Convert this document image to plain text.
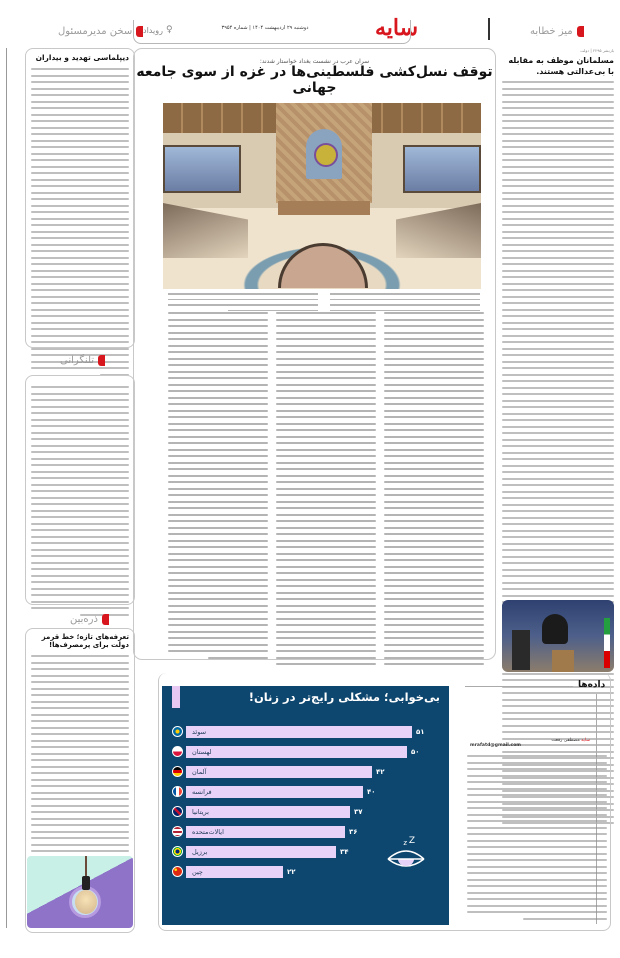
میز خطابه
سایه
دوشنبه ۲۹ اردیبهشت ۱۴۰۴ | شماره ۳۹۵۴
♀
رویداد
سخن مدیرمسئول
بازنشر ۲۲۹۵ | دولت
مسلمانان موظف به مقابله با بی‌عدالتی هستند.
سران عرب در نشست بغداد خواستار شدند:
توقف نسل‌کشی فلسطینی‌ها در غزه از سوی جامعه جهانی
دادەها
بی‌خوابی؛ مشکلی رایج‌تر در زنان!
سوئد	۵۱
لهستان	۵۰
آلمان	۴۲
فرانسه	۴۰
بریتانیا	۳۷
ایالات‌متحده	۳۶
برزیل	۳۴
چین	۲۲
z Z
سایه مصطفی رفعت
mrafatd@gmail.com
دیپلماسی تهدید و بیداران
تلنگرانی
ذره‌بین
تعرفه‌های تازه؛ خط قرمز دولت برای پرمصرف‌ها!
